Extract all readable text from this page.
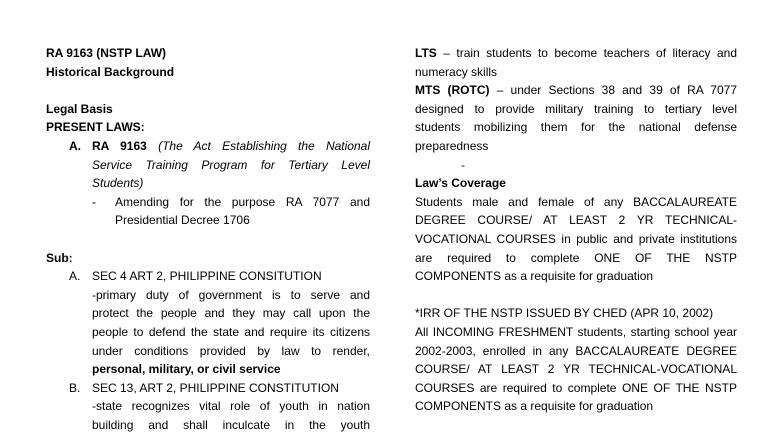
RA 9163 (NSTP LAW)
Historical Background
Legal Basis
PRESENT LAWS:
A. RA 9163 (The Act Establishing the National
Service Training Program for Tertiary Level
Students)
- Amending for the purpose RA 7077 and
Presidential Decree 1706
Sub:
A. SEC 4 ART 2, PHILIPPINE CONSITUTION
-primary duty of government is to serve and
protect the people and they may call upon the
people to defend the state and require its citizens
under conditions provided by law to render,
personal, military, or civil service
B. SEC 13, ART 2, PHILIPPINE CONSTITUTION
-state recognizes vital role of youth in nation
building and shall inculcate in the youth
LTS – train students to become teachers of literacy and
numeracy skills
MTS (ROTC) – under Sections 38 and 39 of RA 7077
designed to provide military training to tertiary level
students mobilizing them for the national defense
preparedness
-
Law’s Coverage
Students male and female of any BACCALAUREATE
DEGREE COURSE/ AT LEAST 2 YR TECHNICAL-
VOCATIONAL COURSES in public and private institutions
are required to complete ONE OF THE NSTP
COMPONENTS as a requisite for graduation
*IRR OF THE NSTP ISSUED BY CHED (APR 10, 2002)
All INCOMING FRESHMENT students, starting school year
2002-2003, enrolled in any BACCALAUREATE DEGREE
COURSE/ AT LEAST 2 YR TECHNICAL-VOCATIONAL
COURSES are required to complete ONE OF THE NSTP
COMPONENTS as a requisite for graduation
